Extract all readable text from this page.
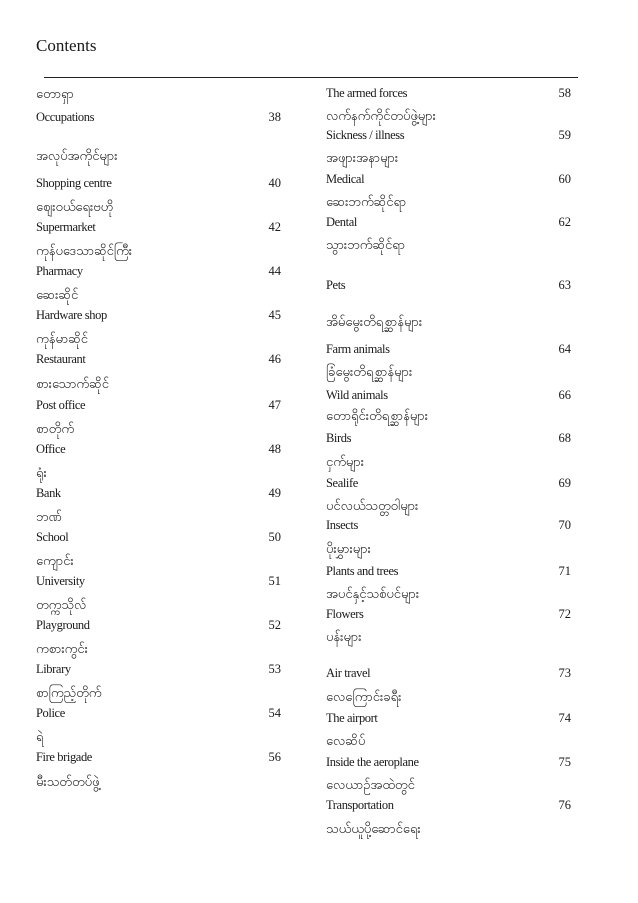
Contents
တောရှာ
Occupations	38
အလုပ်အကိုင်များ
Shopping centre	40
ဈေးဝယ်ရေးဗဟို
Supermarket	42
ကုန်ပဒေသာဆိုင်ကြီး
Pharmacy	44
ဆေးဆိုင်
Hardware shop	45
ကုန်မာဆိုင်
Restaurant	46
စားသောက်ဆိုင်
Post office	47
စာတိုက်
Office	48
ရုံး
Bank	49
ဘဏ်
School	50
ကျောင်း
University	51
တက္ကသိုလ်
Playground	52
ကစားကွင်း
Library	53
စာကြည့်တိုက်
Police	54
ရဲ
Fire brigade	56
မီးသတ်တပ်ဖွဲ့
The armed forces	58
လက်နက်ကိုင်တပ်ဖွဲ့များ
Sickness / illness	59
အဖျားအနာများ
Medical	60
ဆေးဘက်ဆိုင်ရာ
Dental	62
သွားဘက်ဆိုင်ရာ
Pets	63
အိမ်မွေးတိရစ္ဆာန်များ
Farm animals	64
ခြံမွေးတိရစ္ဆာန်များ
Wild animals	66
တောရိုင်းတိရစ္ဆာန်များ
Birds	68
ငှက်များ
Sealife	69
ပင်လယ်သတ္တဝါများ
Insects	70
ပိုးမွှားများ
Plants and trees	71
အပင်နှင့်သစ်ပင်များ
Flowers	72
ပန်းများ
Air travel	73
လေကြောင်းခရီး
The airport	74
လေဆိပ်
Inside the aeroplane	75
လေယာဉ်အထဲတွင်
Transportation	76
သယ်ယူပို့ဆောင်ရေး
